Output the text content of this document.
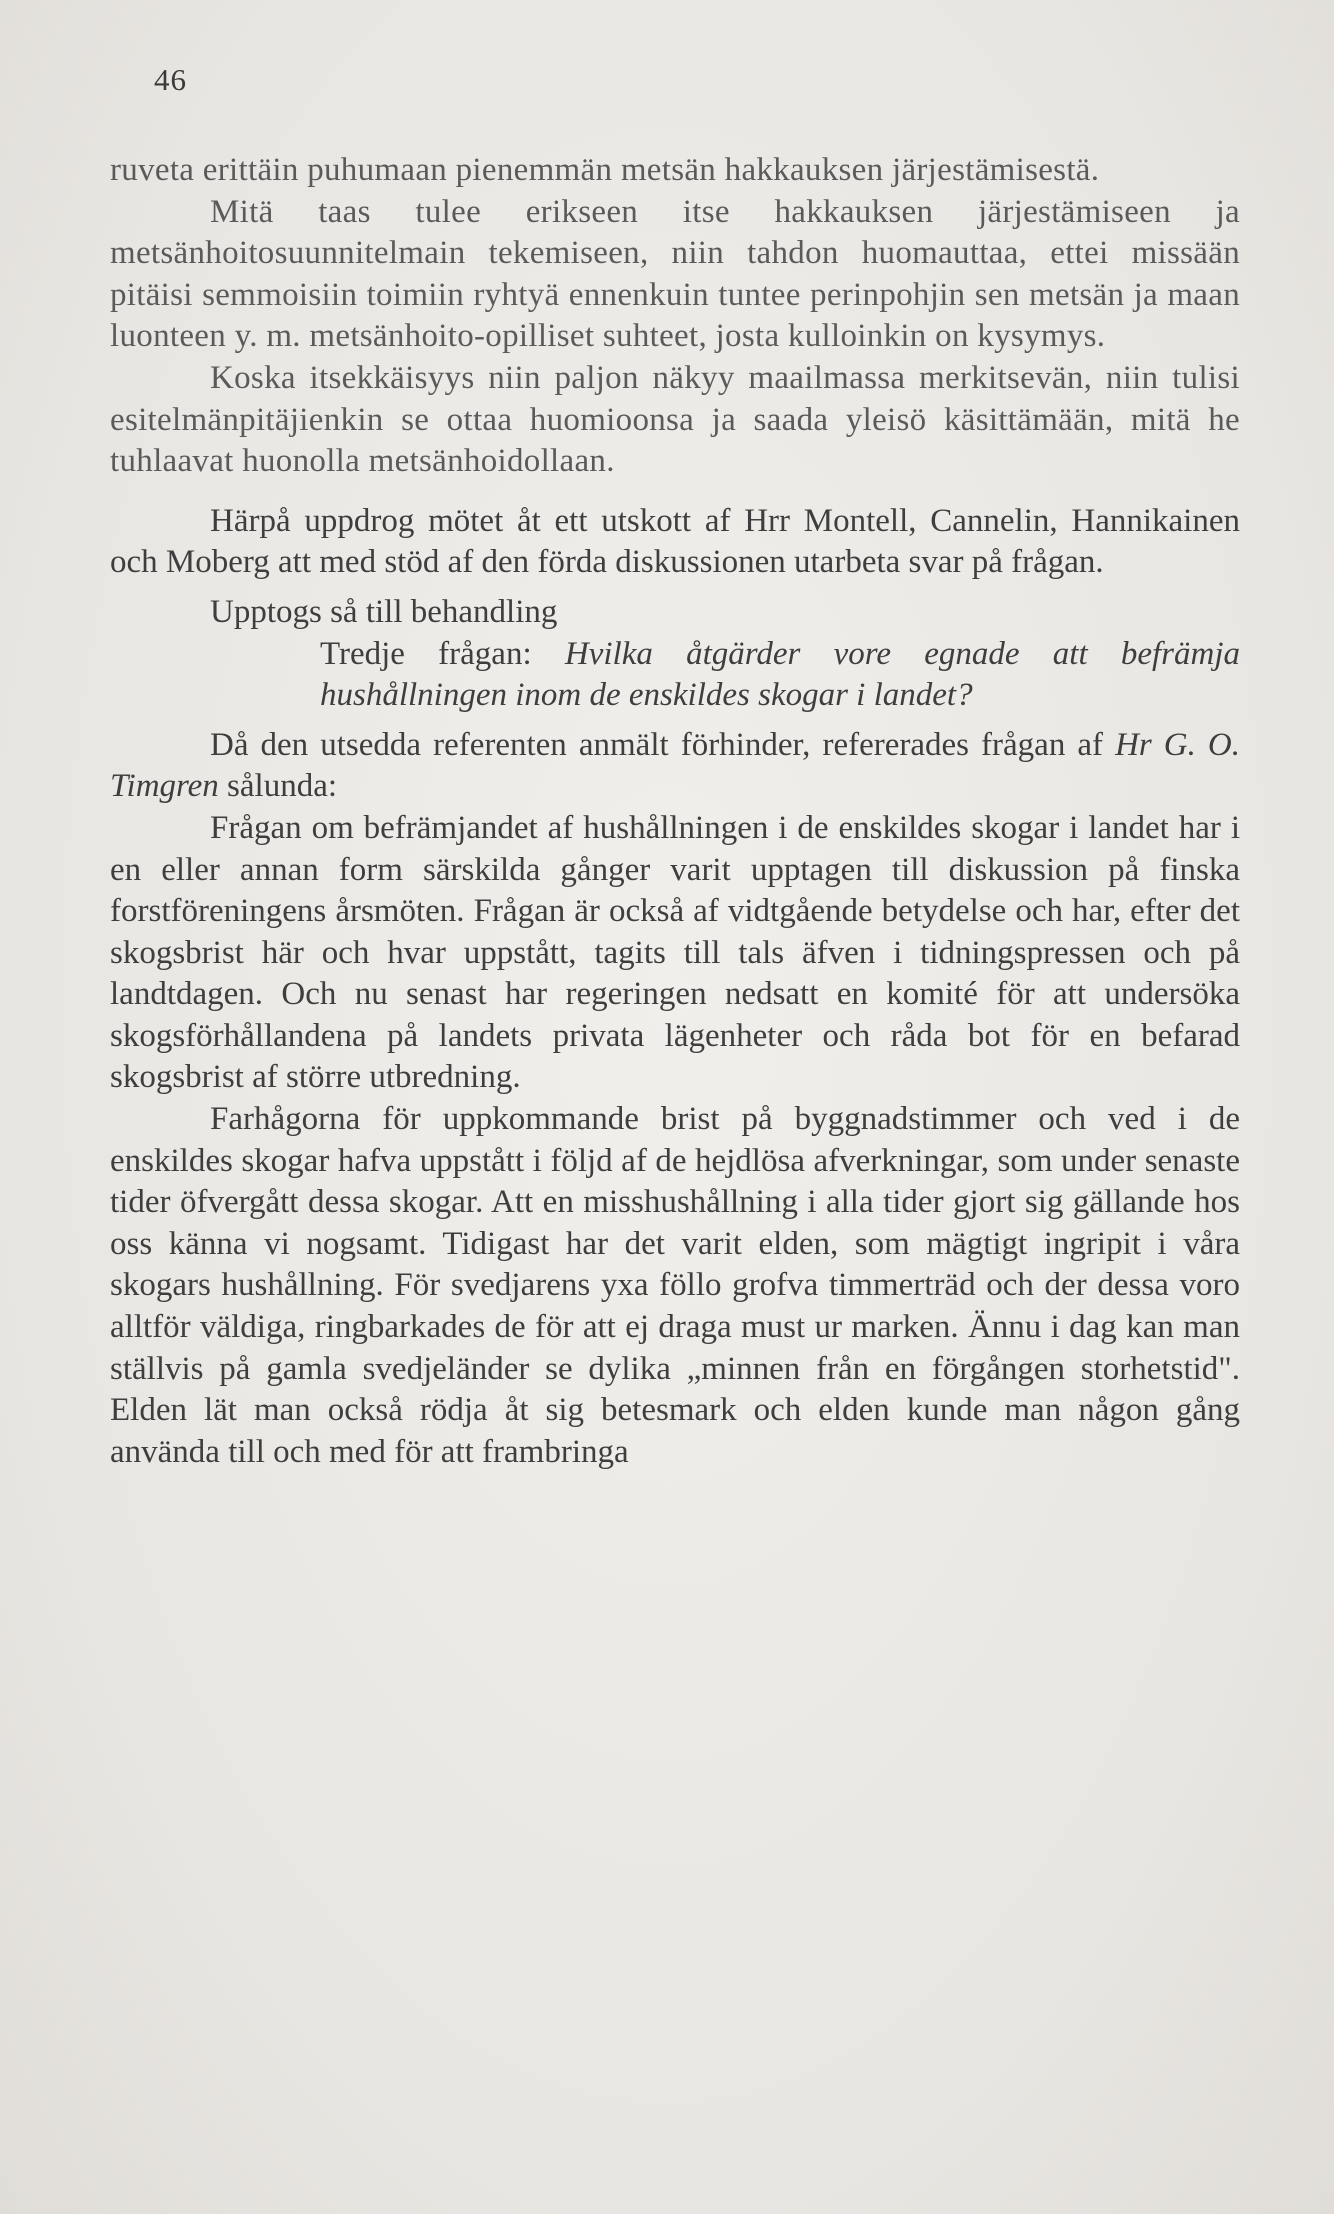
46

ruveta erittäin puhumaan pienemmän metsän hakkauksen järjestämisestä.

Mitä taas tulee erikseen itse hakkauksen järjestämiseen ja metsänhoitosuunnitelmain tekemiseen, niin tahdon huomauttaa, ettei missään pitäisi semmoisiin toimiin ryhtyä ennenkuin tuntee perinpohjin sen metsän ja maan luonteen y. m. metsänhoito-opilliset suhteet, josta kulloinkin on kysymys.

Koska itsekkäisyys niin paljon näkyy maailmassa merkitsevän, niin tulisi esitelmänpitäjienkin se ottaa huomioonsa ja saada yleisö käsittämään, mitä he tuhlaavat huonolla metsänhoidollaan.

Härpå uppdrog mötet åt ett utskott af Hrr Montell, Cannelin, Hannikainen och Moberg att med stöd af den förda diskussionen utarbeta svar på frågan.

Upptogs så till behandling

Tredje frågan: Hvilka åtgärder vore egnade att befrämja hushållningen inom de enskildes skogar i landet?

Då den utsedda referenten anmält förhinder, refererades frågan af Hr G. O. Timgren sålunda:

Frågan om befrämjandet af hushållningen i de enskildes skogar i landet har i en eller annan form särskilda gånger varit upptagen till diskussion på finska forstföreningens årsmöten. Frågan är också af vidtgående betydelse och har, efter det skogsbrist här och hvar uppstått, tagits till tals äfven i tidningspressen och på landtdagen. Och nu senast har regeringen nedsatt en komité för att undersöka skogsförhållandena på landets privata lägenheter och råda bot för en befarad skogsbrist af större utbredning.

Farhågorna för uppkommande brist på byggnadstimmer och ved i de enskildes skogar hafva uppstått i följd af de hejdlösa afverkningar, som under senaste tider öfvergått dessa skogar. Att en misshushållning i alla tider gjort sig gällande hos oss känna vi nogsamt. Tidigast har det varit elden, som mägtigt ingripit i våra skogars hushållning. För svedjarens yxa föllo grofva timmerträd och der dessa voro alltför väldiga, ringbarkades de för att ej draga must ur marken. Ännu i dag kan man ställvis på gamla svedjeländer se dylika „minnen från en förgången storhetstid". Elden lät man också rödja åt sig betesmark och elden kunde man någon gång använda till och med för att frambringa
